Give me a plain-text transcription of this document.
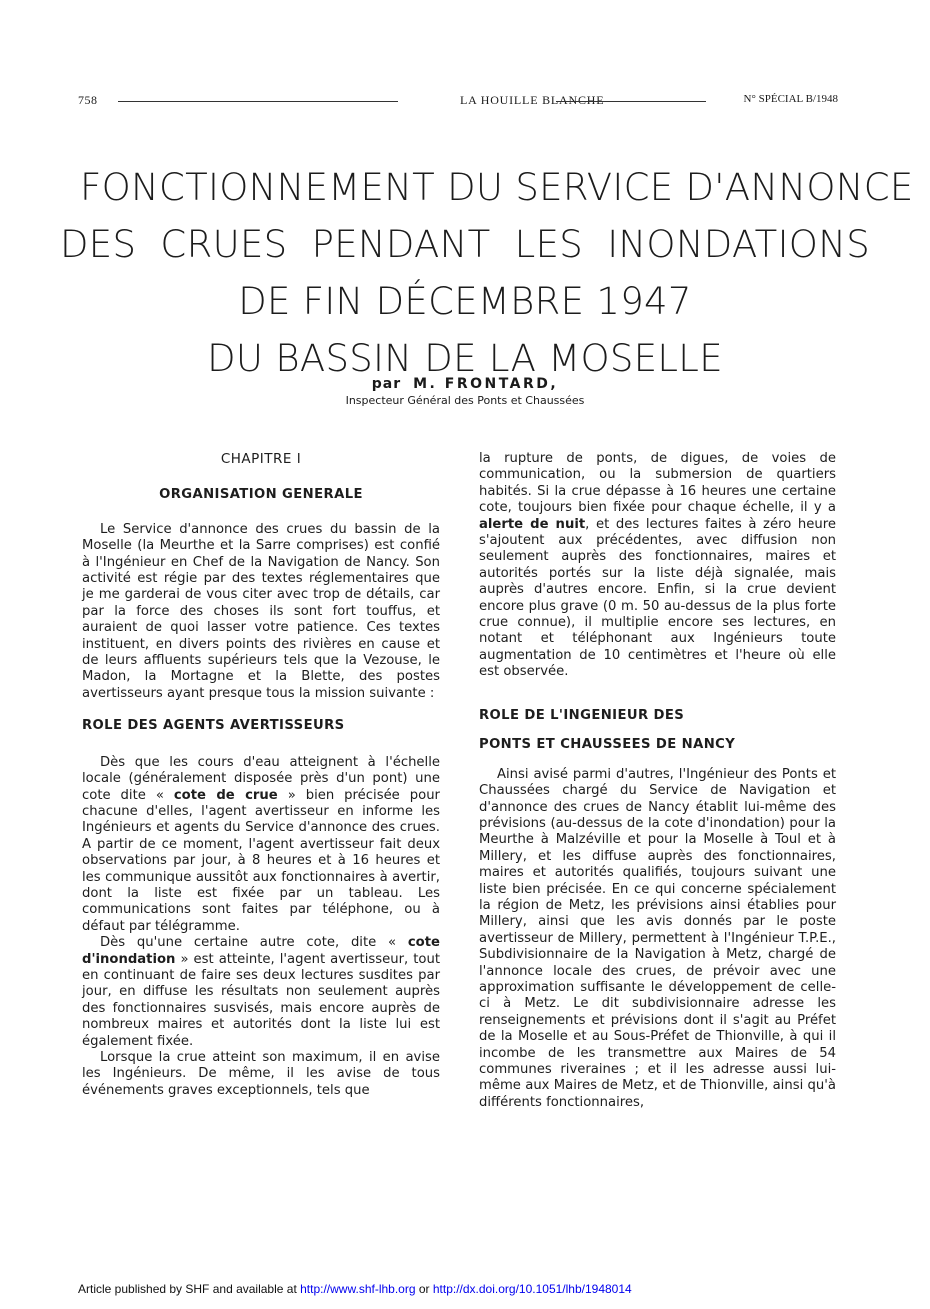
758	LA HOUILLE BLANCHE	N° SPÉCIAL B/1948
FONCTIONNEMENT DU SERVICE D'ANNONCE
DES CRUES PENDANT LES INONDATIONS
DE FIN DÉCEMBRE 1947
DU BASSIN DE LA MOSELLE
par M. FRONTARD,
Inspecteur Général des Ponts et Chaussées
CHAPITRE I
ORGANISATION GENERALE

Le Service d'annonce des crues du bassin de la Moselle (la Meurthe et la Sarre comprises) est confié à l'Ingénieur en Chef de la Navigation de Nancy. Son activité est régie par des textes réglementaires que je me garderai de vous citer avec trop de détails, car par la force des choses ils sont fort touffus, et auraient de quoi lasser votre patience. Ces textes instituent, en divers points des rivières en cause et de leurs affluents supérieurs tels que la Vezouse, le Madon, la Mortagne et la Blette, des postes avertisseurs ayant presque tous la mission suivante :

ROLE DES AGENTS AVERTISSEURS

Dès que les cours d'eau atteignent à l'échelle locale (généralement disposée près d'un pont) une cote dite « cote de crue » bien précisée pour chacune d'elles, l'agent avertisseur en informe les Ingénieurs et agents du Service d'annonce des crues. A partir de ce moment, l'agent avertisseur fait deux observations par jour, à 8 heures et à 16 heures et les communique aussitôt aux fonctionnaires à avertir, dont la liste est fixée par un tableau. Les communications sont faites par téléphone, ou à défaut par télégramme.

Dès qu'une certaine autre cote, dite « cote d'inondation » est atteinte, l'agent avertisseur, tout en continuant de faire ses deux lectures susdites par jour, en diffuse les résultats non seulement auprès des fonctionnaires susvisés, mais encore auprès de nombreux maires et autorités dont la liste lui est également fixée.

Lorsque la crue atteint son maximum, il en avise les Ingénieurs. De même, il les avise de tous événements graves exceptionnels, tels que

la rupture de ponts, de digues, de voies de communication, ou la submersion de quartiers habités. Si la crue dépasse à 16 heures une certaine cote, toujours bien fixée pour chaque échelle, il y a alerte de nuit, et des lectures faites à zéro heure s'ajoutent aux précédentes, avec diffusion non seulement auprès des fonctionnaires, maires et autorités portés sur la liste déjà signalée, mais auprès d'autres encore. Enfin, si la crue devient encore plus grave (0 m. 50 au-dessus de la plus forte crue connue), il multiplie encore ses lectures, en notant et téléphonant aux Ingénieurs toute augmentation de 10 centimètres et l'heure où elle est observée.

ROLE DE L'INGENIEUR DES
PONTS ET CHAUSSEES DE NANCY

Ainsi avisé parmi d'autres, l'Ingénieur des Ponts et Chaussées chargé du Service de Navigation et d'annonce des crues de Nancy établit lui-même des prévisions (au-dessus de la cote d'inondation) pour la Meurthe à Malzéville et pour la Moselle à Toul et à Millery, et les diffuse auprès des fonctionnaires, maires et autorités qualifiés, toujours suivant une liste bien précisée. En ce qui concerne spécialement la région de Metz, les prévisions ainsi établies pour Millery, ainsi que les avis donnés par le poste avertisseur de Millery, permettent à l'Ingénieur T.P.E., Subdivisionnaire de la Navigation à Metz, chargé de l'annonce locale des crues, de prévoir avec une approximation suffisante le développement de celle-ci à Metz. Le dit subdivisionnaire adresse les renseignements et prévisions dont il s'agit au Préfet de la Moselle et au Sous-Préfet de Thionville, à qui il incombe de les transmettre aux Maires de 54 communes riveraines ; et il les adresse aussi lui-même aux Maires de Metz, et de Thionville, ainsi qu'à différents fonctionnaires,

Article published by SHF and available at http://www.shf-lhb.org or http://dx.doi.org/10.1051/lhb/1948014
